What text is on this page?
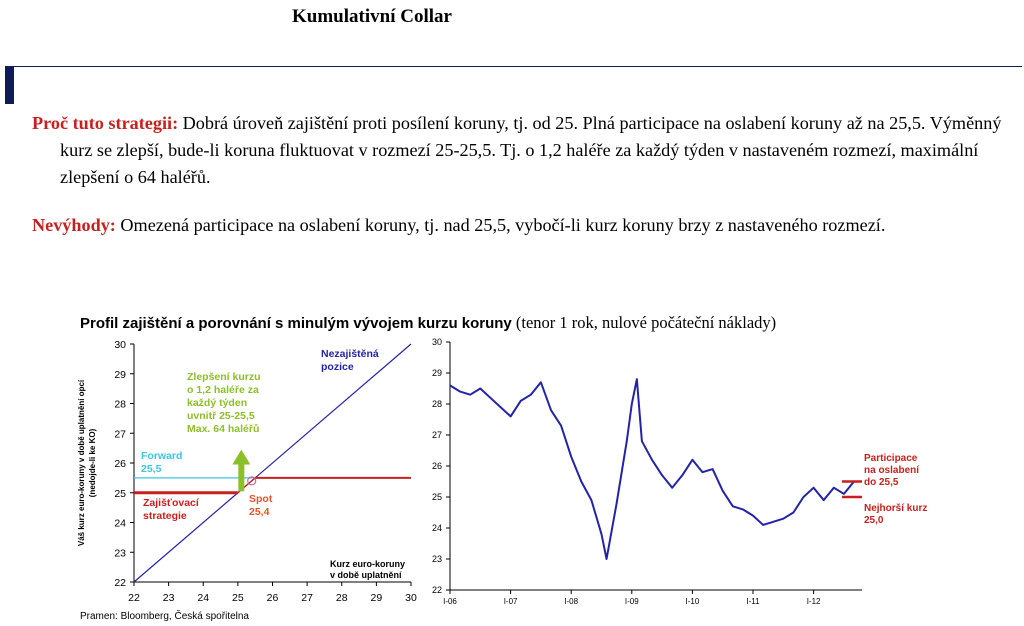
Kumulativní Collar
Proč tuto strategii: Dobrá úroveň zajištění proti posílení koruny, tj. od 25. Plná participace na oslabení koruny až na 25,5. Výměnný kurz se zlepší, bude-li koruna fluktuovat v rozmezí 25-25,5. Tj. o 1,2 haléře za každý týden v nastaveném rozmezí, maximální zlepšení o 64 haléřů.
Nevýhody: Omezená participace na oslabení koruny, tj. nad 25,5, vybočí-li kurz koruny brzy z nastaveného rozmezí.
Profil zajištění a porovnání s minulým vývojem kurzu koruny (tenor 1 rok, nulové počáteční náklady)
22
23
24
25
26
27
28
29
30
22 23 24 25 26 27 28 29 30
Váš kurz euro-koruny v době uplatnění opcí (nedojde-li ke KO)
Nezajištěná
pozice
Zlepšení kurzu
o 1,2 haléře za
každý týden
uvnitř 25-25,5
Max. 64 haléřů
Forward
25,5
Zajišťovací
strategie
Spot
25,4
Kurz euro-koruny
v době uplatnění
22
23
24
25
26
27
28
29
30
I-06	I-07	I-08	I-09	I-10	I-11	I-12
Participace
na oslabení
do 25,5
Nejhorší kurz
25,0
Pramen: Bloomberg, Česká spořitelna
